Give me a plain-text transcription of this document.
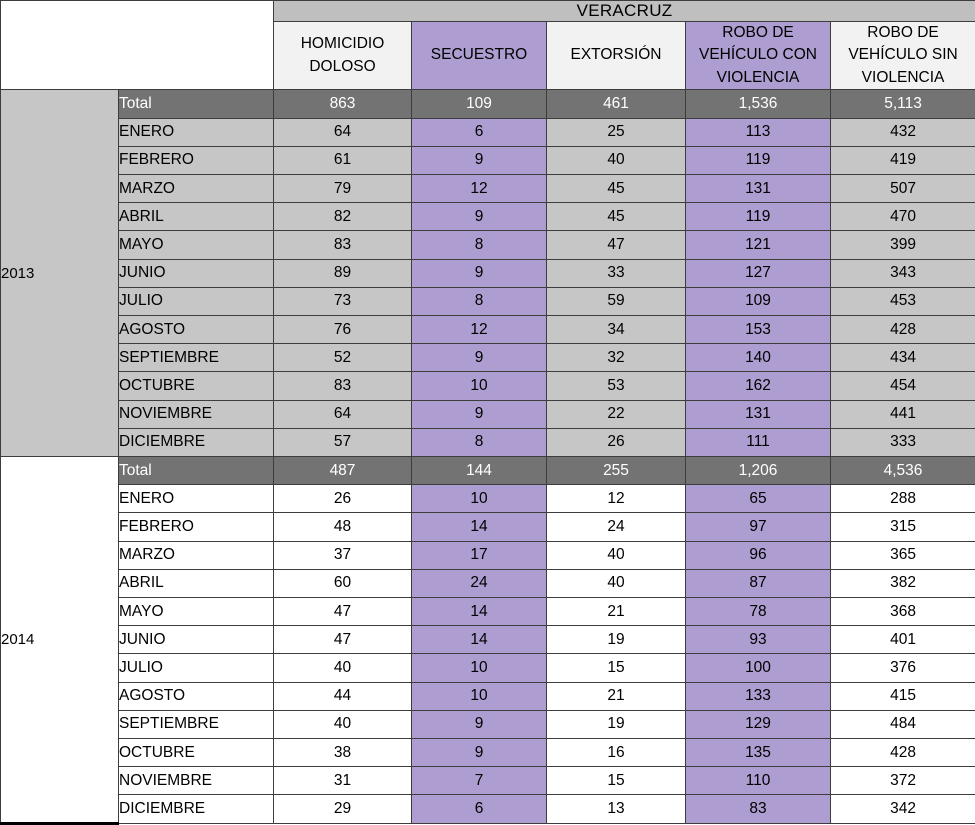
		VERACRUZ				
		HOMICIDIO DOLOSO	SECUESTRO	EXTORSIÓN	ROBO DE VEHÍCULO CON VIOLENCIA	ROBO DE VEHÍCULO SIN VIOLENCIA
2013	Total	863	109	461	1,536	5,113
	ENERO	64	6	25	113	432
	FEBRERO	61	9	40	119	419
	MARZO	79	12	45	131	507
	ABRIL	82	9	45	119	470
	MAYO	83	8	47	121	399
	JUNIO	89	9	33	127	343
	JULIO	73	8	59	109	453
	AGOSTO	76	12	34	153	428
	SEPTIEMBRE	52	9	32	140	434
	OCTUBRE	83	10	53	162	454
	NOVIEMBRE	64	9	22	131	441
	DICIEMBRE	57	8	26	111	333
2014	Total	487	144	255	1,206	4,536
	ENERO	26	10	12	65	288
	FEBRERO	48	14	24	97	315
	MARZO	37	17	40	96	365
	ABRIL	60	24	40	87	382
	MAYO	47	14	21	78	368
	JUNIO	47	14	19	93	401
	JULIO	40	10	15	100	376
	AGOSTO	44	10	21	133	415
	SEPTIEMBRE	40	9	19	129	484
	OCTUBRE	38	9	16	135	428
	NOVIEMBRE	31	7	15	110	372
	DICIEMBRE	29	6	13	83	342
